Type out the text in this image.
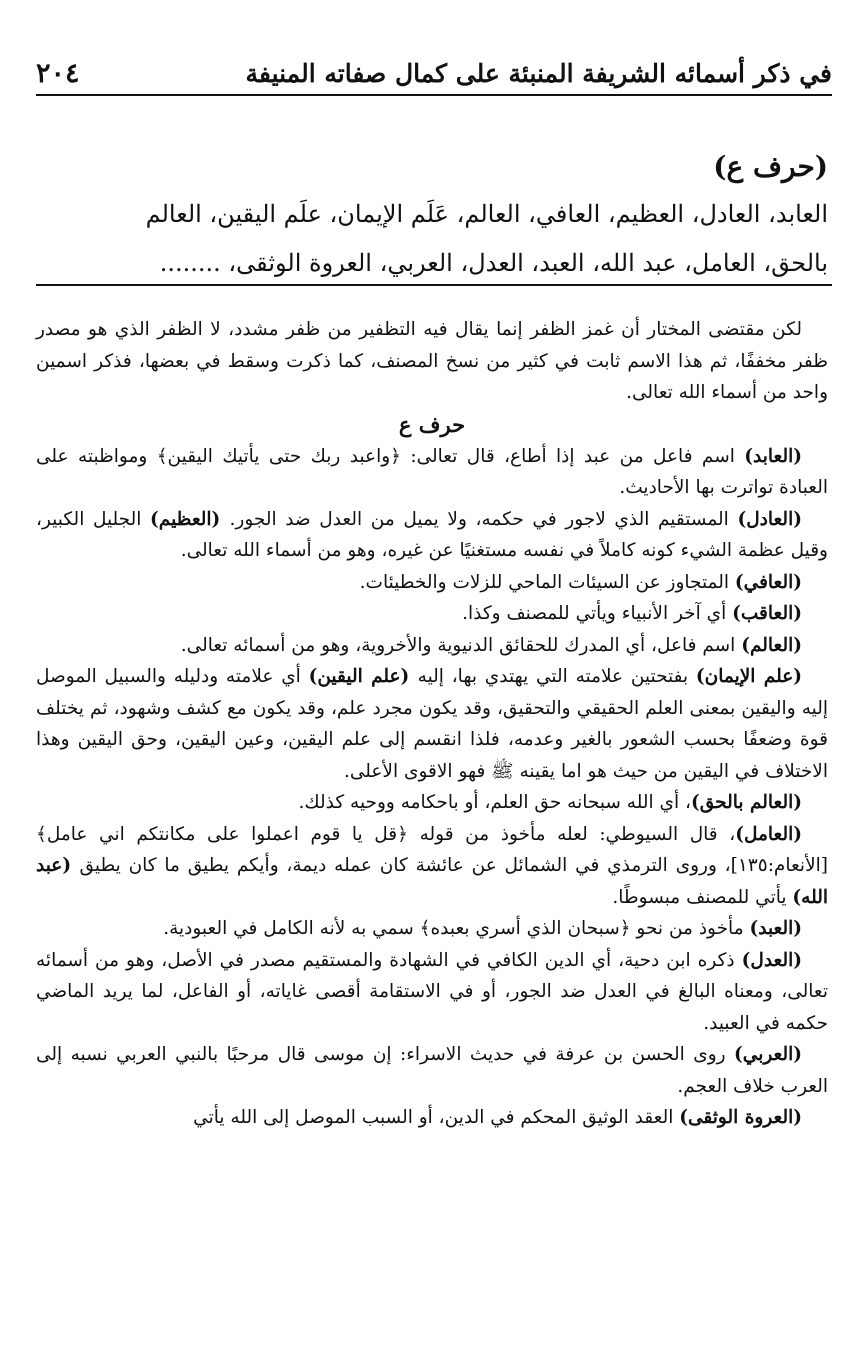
في ذكر أسمائه الشريفة المنبئة على كمال صفاته المنيفة
٢٠٤
(حرف ع)
العابد، العادل، العظيم، العافي، العالم، عَلَم الإيمان، علَم اليقين، العالم
بالحق، العامل، عبد الله، العبد، العدل، العربي، العروة الوثقى، ........

لكن مقتضى المختار أن غمز الظفر إنما يقال فيه التظفير من ظفر مشدد، لا الظفر الذي هو مصدر ظفر مخففًا، ثم هذا الاسم ثابت في كثير من نسخ المصنف، كما ذكرت وسقط في بعضها، فذكر اسمين واحد من أسماء الله تعالى.

حرف ع

(العابد) اسم فاعل من عبد إذا أطاع، قال تعالى: ﴿واعبد ربك حتى يأتيك اليقين﴾ ومواظبته على العبادة تواترت بها الأحاديث.

(العادل) المستقيم الذي لاجور في حكمه، ولا يميل من العدل ضد الجور. (العظيم) الجليل الكبير، وقيل عظمة الشيء كونه كاملاً في نفسه مستغنيًا عن غيره، وهو من أسماء الله تعالى.

(العافي) المتجاوز عن السيئات الماحي للزلات والخطيئات.

(العاقب) أي آخر الأنبياء ويأتي للمصنف وكذا.

(العالم) اسم فاعل، أي المدرك للحقائق الدنيوية والأخروية، وهو من أسمائه تعالى.

(علم الإيمان) بفتحتين علامته التي يهتدي بها، إليه (علم اليقين) أي علامته ودليله والسبيل الموصل إليه واليقين بمعنى العلم الحقيقي والتحقيق، وقد يكون مجرد علم، وقد يكون مع كشف وشهود، ثم يختلف قوة وضعفًا بحسب الشعور بالغير وعدمه، فلذا انقسم إلى علم اليقين، وعين اليقين، وحق اليقين وهذا الاختلاف في اليقين من حيث هو اما يقينه ﷺ فهو الاقوى الأعلى.

(العالم بالحق)، أي الله سبحانه حق العلم، أو باحكامه ووحيه كذلك.

(العامل)، قال السيوطي: لعله مأخوذ من قوله ﴿قل يا قوم اعملوا على مكانتكم اني عامل﴾ [الأنعام:١٣٥]، وروى الترمذي في الشمائل عن عائشة كان عمله ديمة، وأيكم يطيق ما كان يطيق (عبد الله) يأتي للمصنف مبسوطًا.

(العبد) مأخوذ من نحو ﴿سبحان الذي أسري بعبده﴾ سمي به لأنه الكامل في العبودية.

(العدل) ذكره ابن دحية، أي الدين الكافي في الشهادة والمستقيم مصدر في الأصل، وهو من أسمائه تعالى، ومعناه البالغ في العدل ضد الجور، أو في الاستقامة أقصى غاياته، أو الفاعل، لما يريد الماضي حكمه في العبيد.

(العربي) روى الحسن بن عرفة في حديث الاسراء: إن موسى قال مرحبًا بالنبي العربي نسبه إلى العرب خلاف العجم.

(العروة الوثقى) العقد الوثيق المحكم في الدين، أو السبب الموصل إلى الله يأتي
